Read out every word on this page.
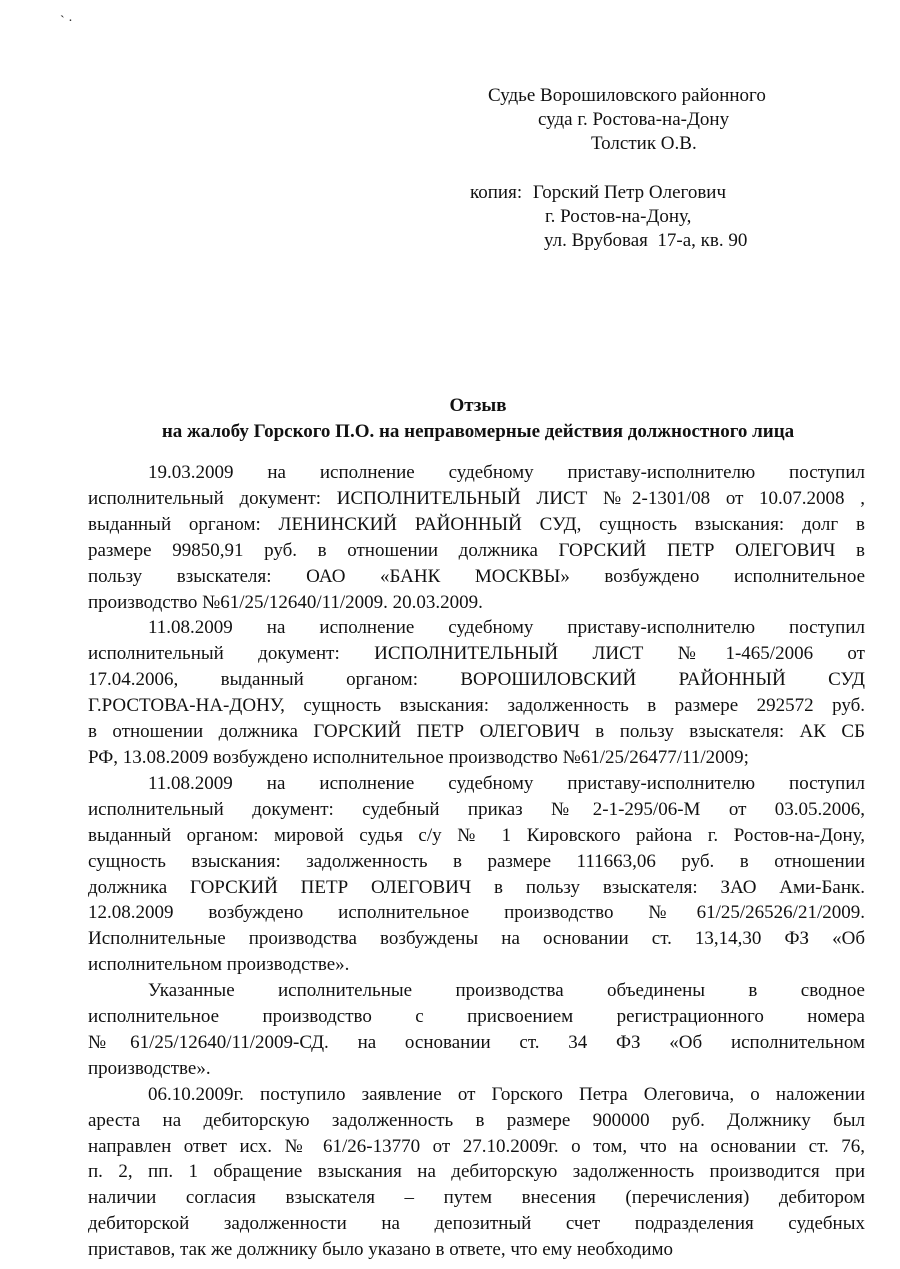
` ·
Судье Ворошиловского районного
суда г. Ростова-на-Дону
Толстик О.В.
копия: Горский Петр Олегович
г. Ростов-на-Дону,
ул. Врубовая  17-а, кв. 90
Отзыв
на жалобу Горского П.О. на неправомерные действия должностного лица

19.03.2009 на исполнение судебному приставу-исполнителю поступил
исполнительный документ: ИСПОЛНИТЕЛЬНЫЙ ЛИСТ №2-1301/08 от 10.07.2008 ,
выданный органом: ЛЕНИНСКИЙ РАЙОННЫЙ СУД, сущность взыскания: долг в
размере 99850,91 руб. в отношении должника ГОРСКИЙ ПЕТР ОЛЕГОВИЧ в
пользу взыскателя: ОАО «БАНК МОСКВЫ» возбуждено исполнительное
производство №61/25/12640/11/2009. 20.03.2009.

11.08.2009 на исполнение судебному приставу-исполнителю поступил
исполнительный документ: ИСПОЛНИТЕЛЬНЫЙ ЛИСТ №1-465/2006 от
17.04.2006, выданный органом: ВОРОШИЛОВСКИЙ РАЙОННЫЙ СУД
Г.РОСТОВА-НА-ДОНУ, сущность взыскания: задолженность в размере 292572 руб.
в отношении должника ГОРСКИЙ ПЕТР ОЛЕГОВИЧ в пользу взыскателя: АК СБ
РФ, 13.08.2009 возбуждено исполнительное производство №61/25/26477/11/2009;

11.08.2009 на исполнение судебному приставу-исполнителю поступил
исполнительный документ: судебный приказ №2-1-295/06-М от 03.05.2006,
выданный органом: мировой судья с/у № 1 Кировского района г. Ростов-на-Дону,
сущность взыскания: задолженность в размере 111663,06 руб. в отношении
должника ГОРСКИЙ ПЕТР ОЛЕГОВИЧ в пользу взыскателя: ЗАО Ами-Банк.
12.08.2009 возбуждено исполнительное производство №61/25/26526/21/2009.
Исполнительные производства возбуждены на основании ст. 13,14,30 ФЗ «Об
исполнительном производстве».

Указанные исполнительные производства объединены в сводное
исполнительное производство с присвоением регистрационного номера
№61/25/12640/11/2009-СД. на основании ст. 34 ФЗ «Об исполнительном
производстве».

06.10.2009г. поступило заявление от Горского Петра Олеговича, о наложении
ареста на дебиторскую задолженность в размере 900000 руб. Должнику был
направлен ответ исх. № 61/26-13770 от 27.10.2009г. о том, что на основании ст. 76,
п. 2, пп. 1 обращение взыскания на дебиторскую задолженность производится при
наличии согласия взыскателя – путем внесения (перечисления) дебитором
дебиторской задолженности на депозитный счет подразделения судебных
приставов, так же должнику было указано в ответе, что ему необходимо
